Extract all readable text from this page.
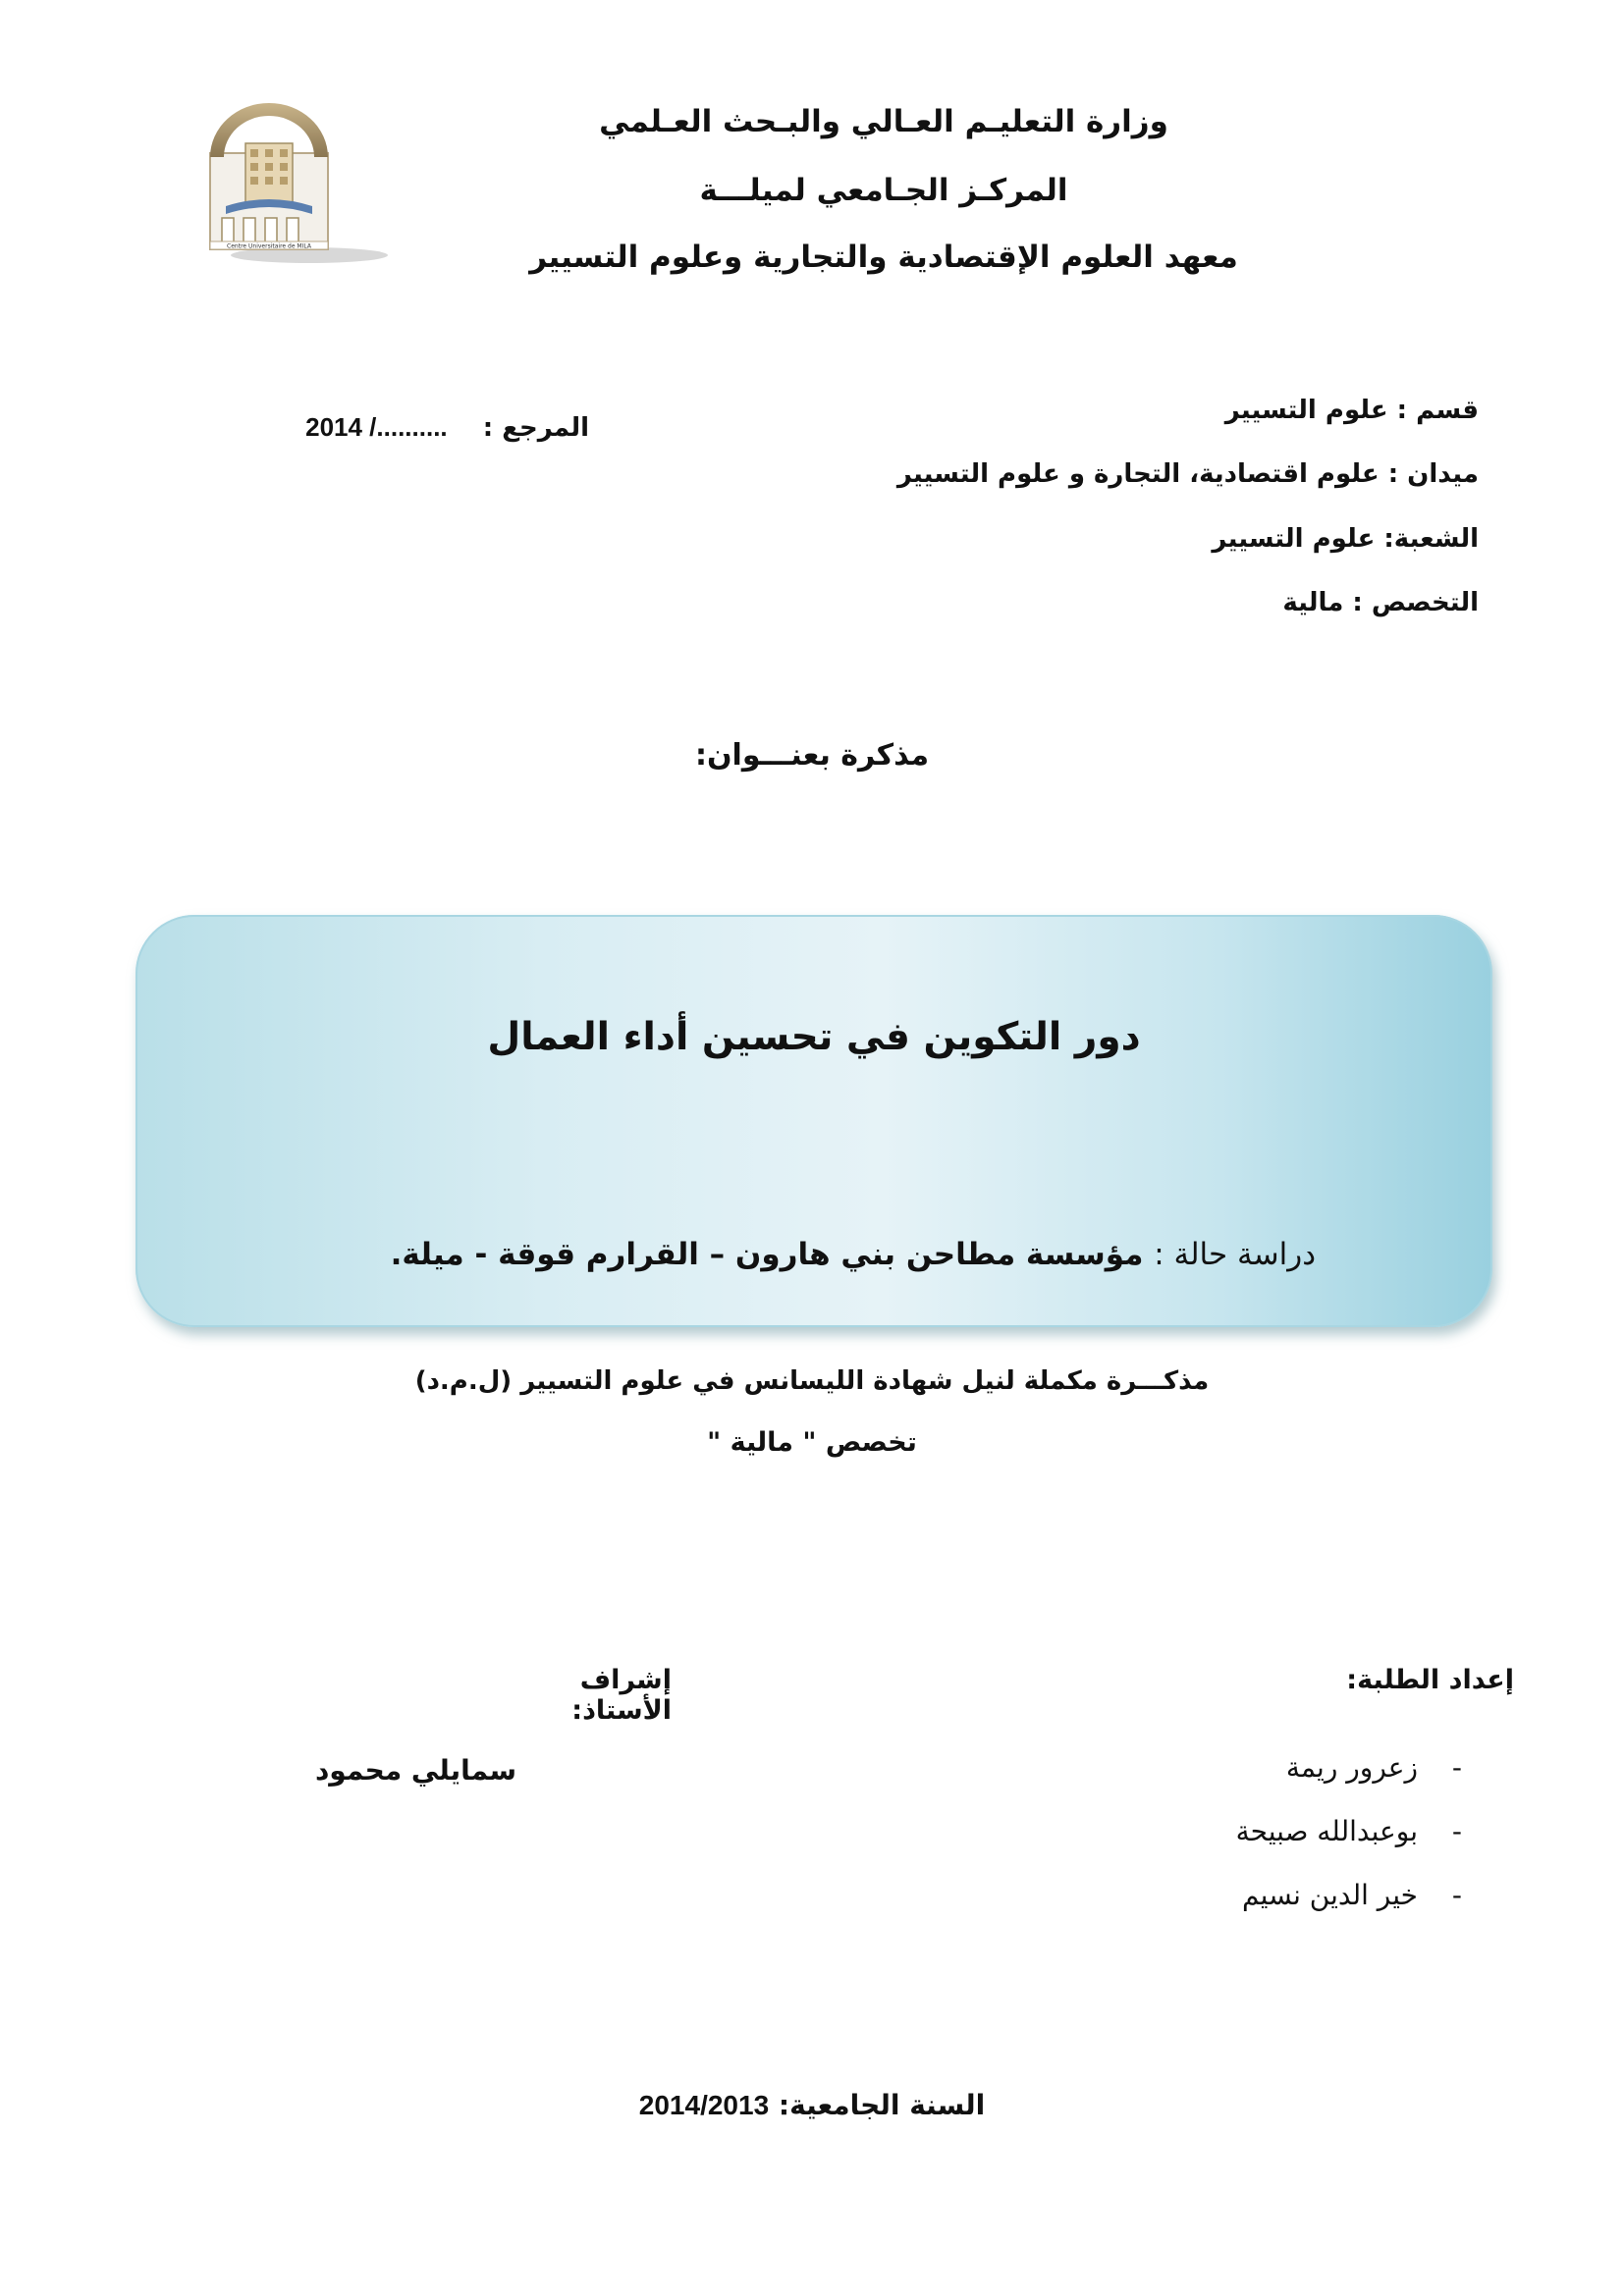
Centre Universitaire de MILA
وزارة التعليـم العـالي والبـحث العـلمي
المركـز الجـامعي لميلـــة
معهد العلوم الإقتصادية والتجارية وعلوم التسيير
قسم : علوم التسيير
ميدان : علوم اقتصادية، التجارة و علوم التسيير
الشعبة: علوم التسيير
التخصص : مالية
المرجع :  ........../ 2014
مذكرة بعنـــوان:
دور التكوين في تحسين أداء العمال
دراسة حالة : مؤسسة مطاحن بني هارون – القرارم قوقة - ميلة.
مذكـــرة مكملة لنيل شهادة الليسانس في علوم التسيير (ل.م.د)
تخصص " مالية "
إعداد الطلبة:
إشراف الأستاذ:
-زعرور ريمة
-بوعبدالله صبيحة
-خير الدين نسيم
سمايلي محمود
السنة الجامعية: 2014/2013
